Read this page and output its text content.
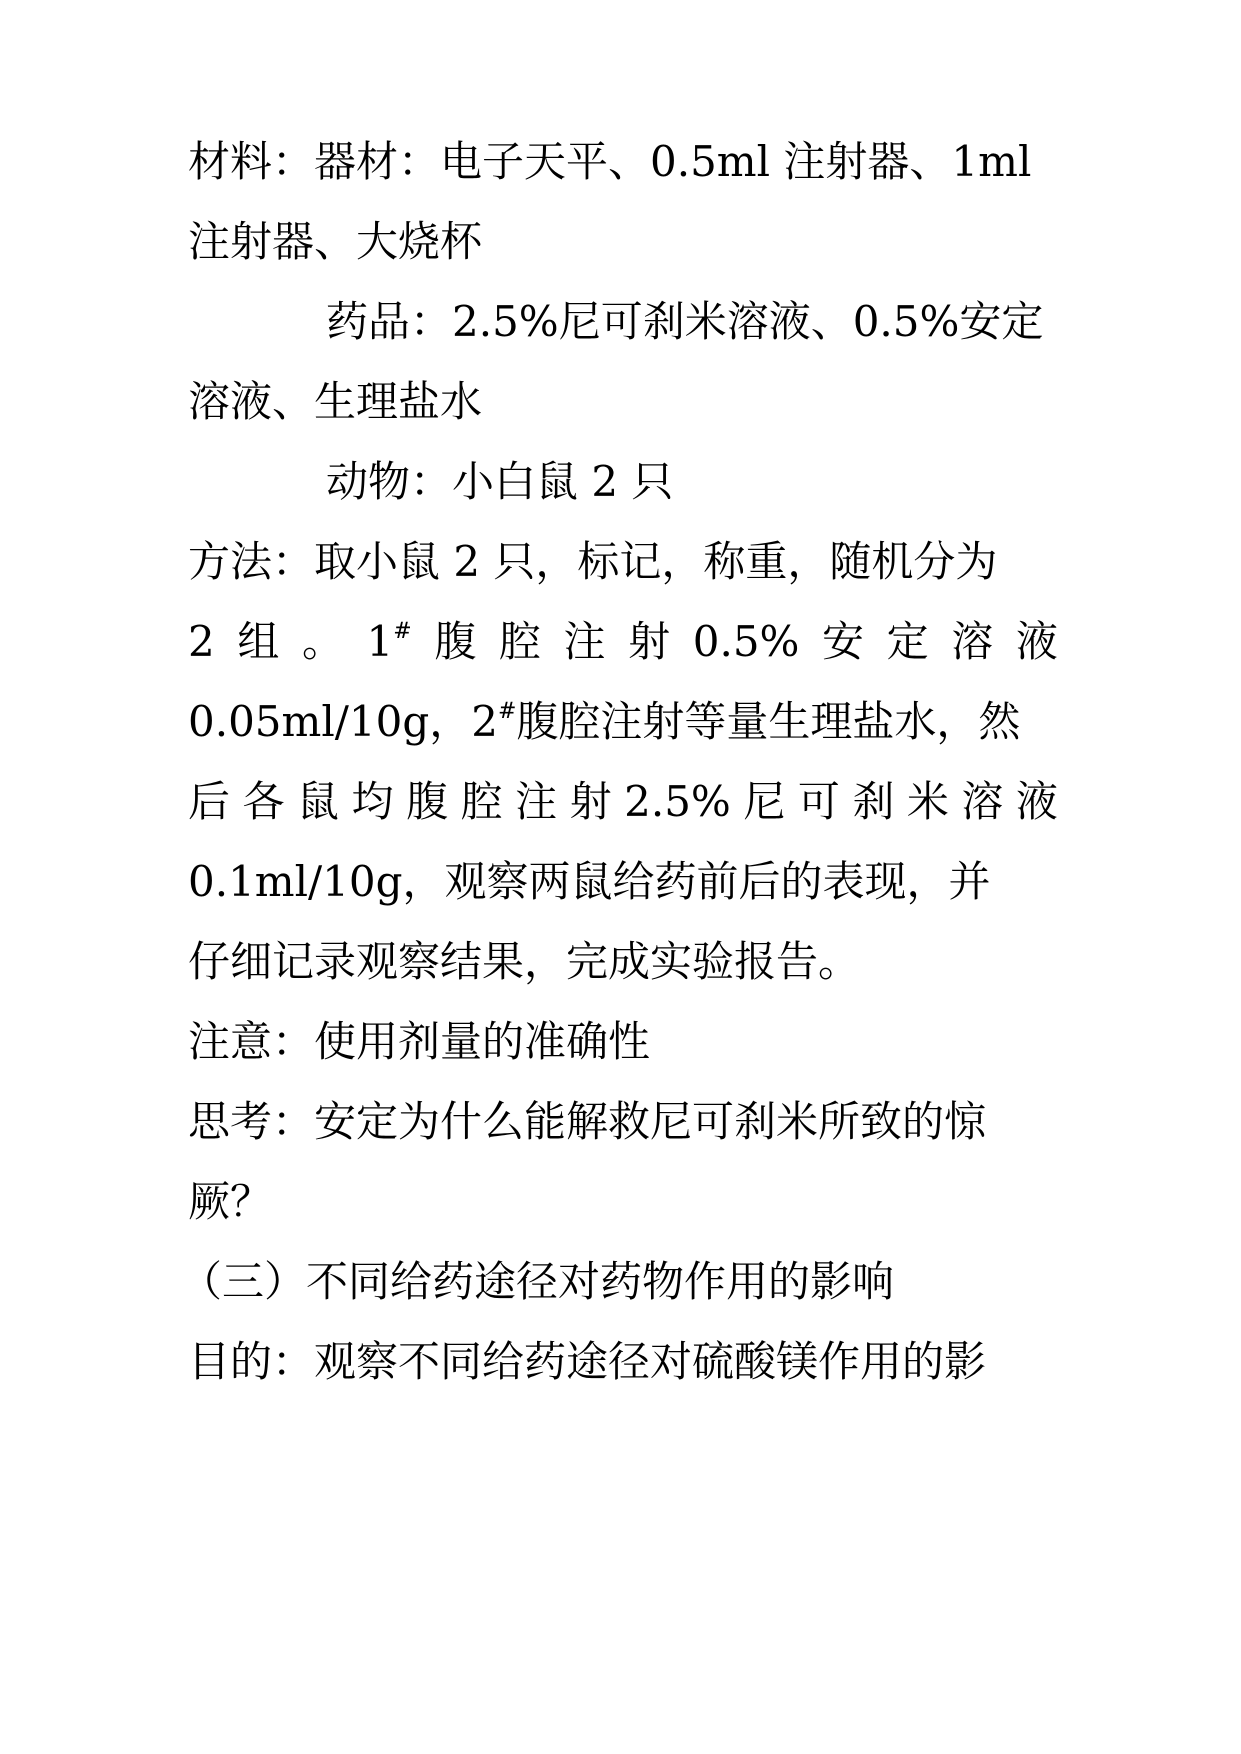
材料：器材：电子天平、0.5ml 注射器、1ml
注射器、大烧杯
药品：2.5%尼可刹米溶液、0.5%安定
溶液、生理盐水
动物：小白鼠 2 只
方法：取小鼠 2 只，标记，称重，随机分为
2 组 。 1# 腹 腔 注 射 0.5% 安 定 溶 液
0.05ml/10g，2#腹腔注射等量生理盐水，然
后 各 鼠 均 腹 腔 注 射 2.5% 尼 可 刹 米 溶 液
0.1ml/10g，观察两鼠给药前后的表现，并
仔细记录观察结果，完成实验报告。
注意：使用剂量的准确性
思考：安定为什么能解救尼可刹米所致的惊
厥？
（三）不同给药途径对药物作用的影响
目的：观察不同给药途径对硫酸镁作用的影
